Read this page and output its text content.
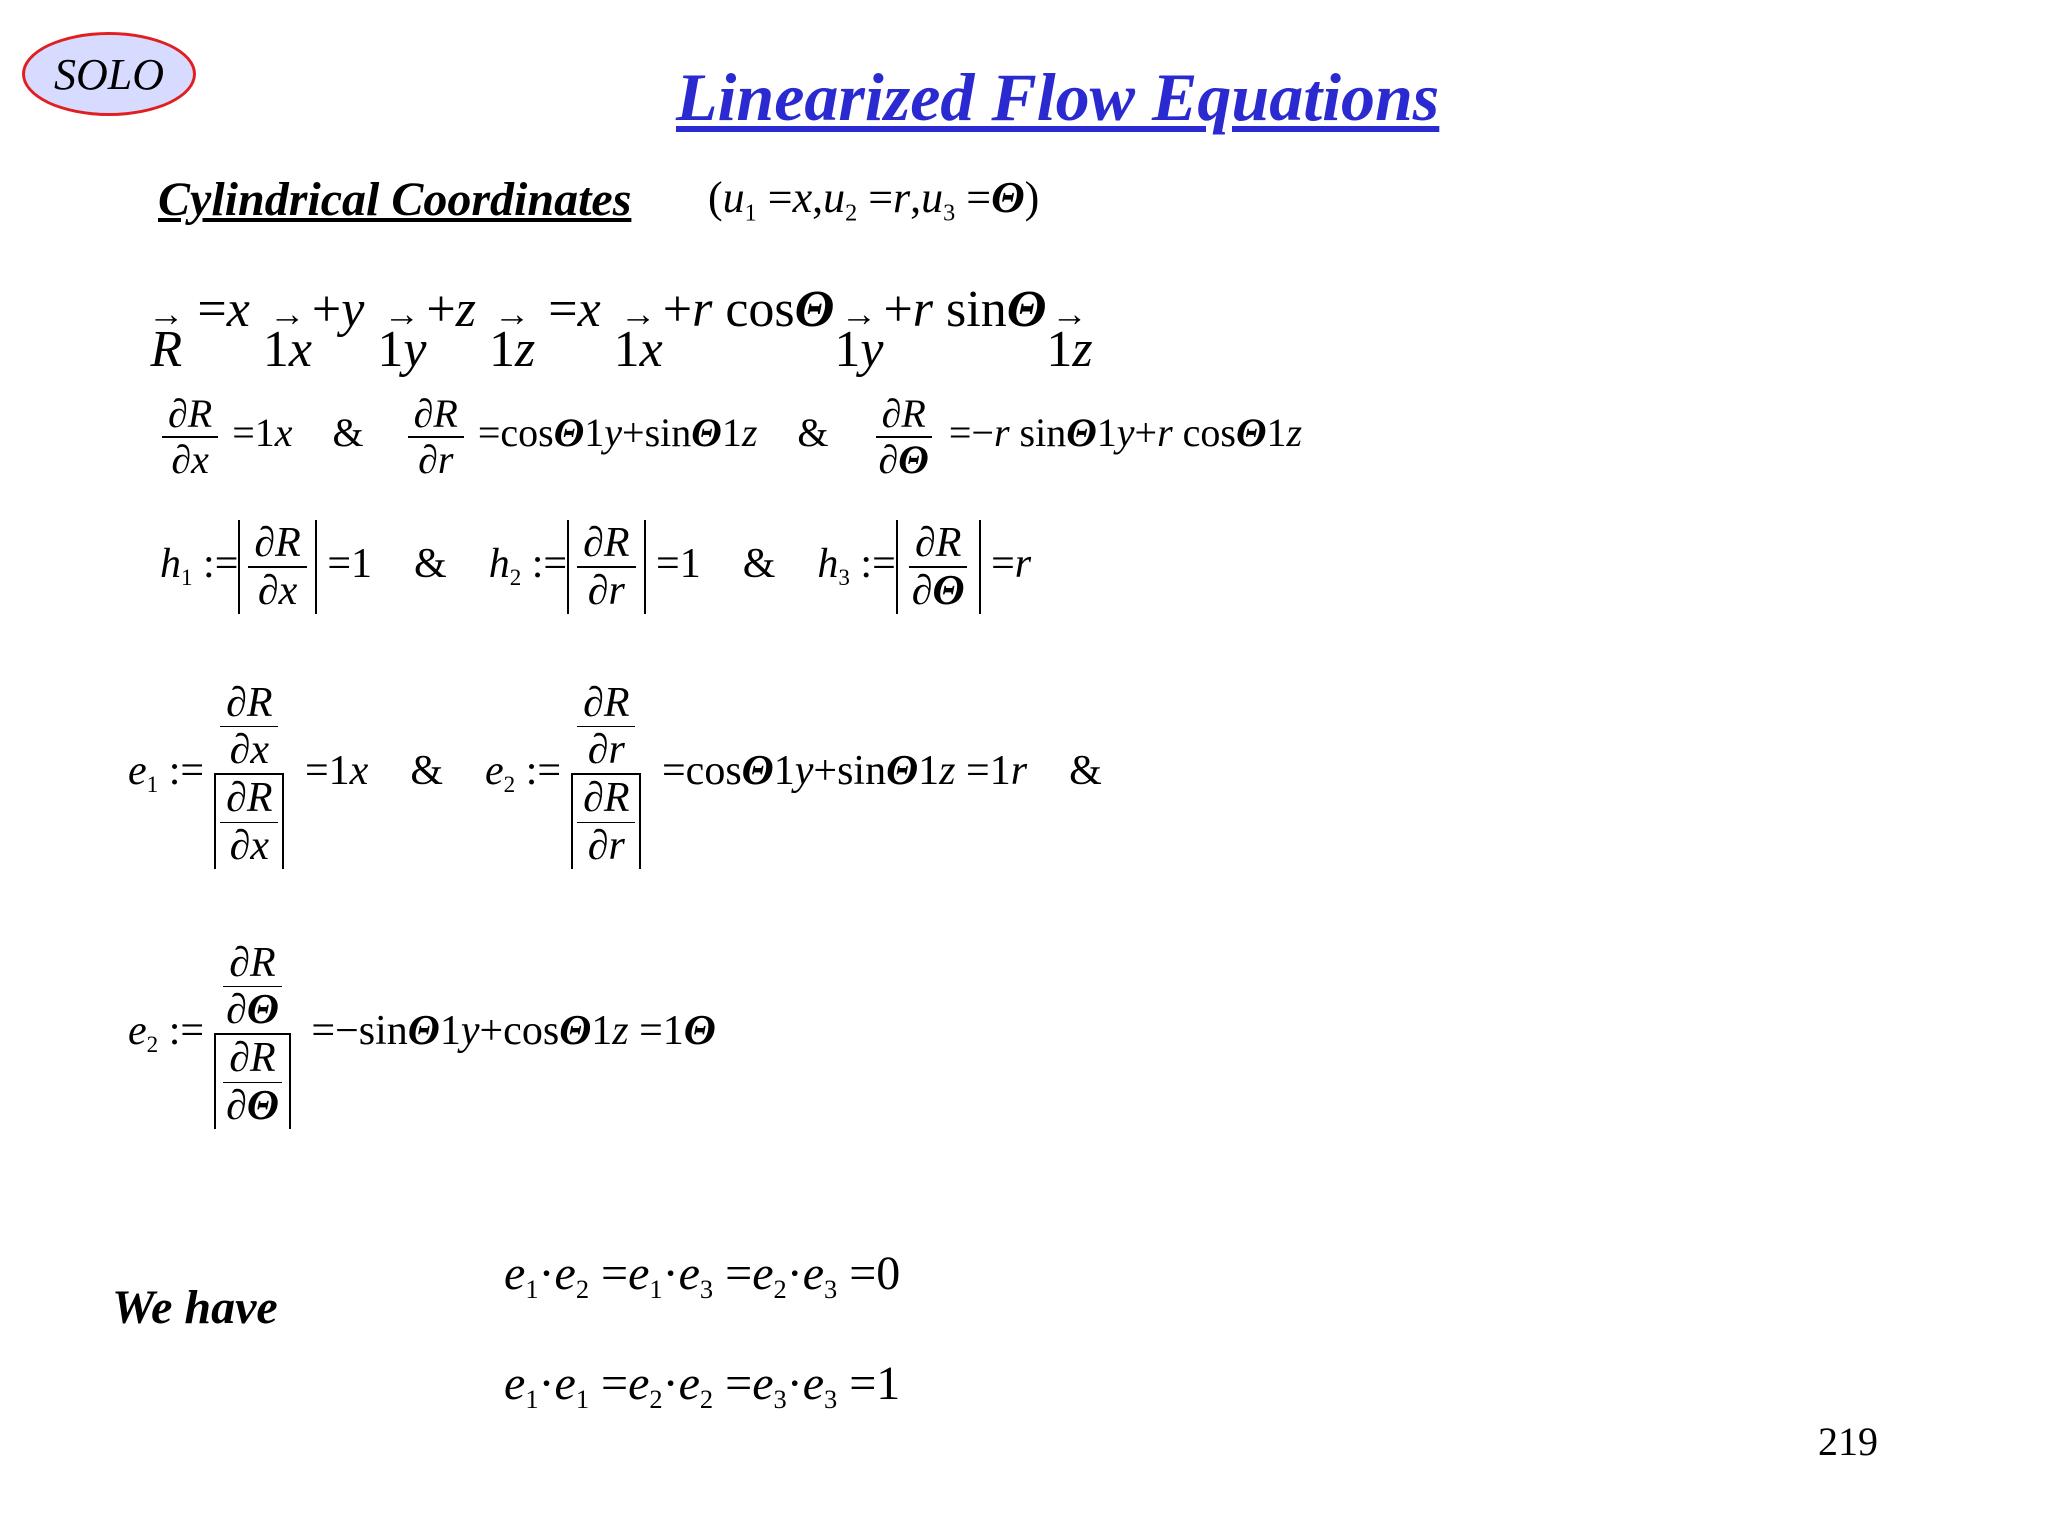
SOLO	Linearized Flow Equations
Cylindrical Coordinates $(u_1 =x,u_2 =r,u_3 =\Theta)$
→
R =x →
1x
+y →
1y
+z →
1z
=x →
1x
+r cosΘ →
1y
+r sinΘ →
1z
$\frac{\partial R}{\partial x} =1x$    & $\frac{\partial R}{\partial r} =\cos\Theta 1y+\sin\Theta 1z$    & $\frac{\partial R}{\partial\Theta} =-r$ sinΘ1y+r cosΘ1z
$h_1$ := $\frac{\partial R}{\partial x} =1$    &    $h_2$ := $\frac{\partial R}{\partial r} =1$    &    $h_3$ := $\frac{\partial R}{\partial\Theta} =r$
$e_1$ := $\frac{\frac{\partial R}{\partial x}}{\frac{\partial R}{\partial x}} =1x$    &    $e_2$ := $\frac{\frac{\partial R}{\partial r}}{\frac{\partial R}{\partial r}} =\cos\Theta 1y+\sin\Theta 1z =1r$    &
$e_2$ := $\frac{\frac{\partial R}{\partial\Theta}}{\frac{\partial R}{\partial\Theta}} =-\sin\Theta 1y+\cos\Theta 1z =1\Theta$
We have
$e_1\cdot e_2 =e_1\cdot e_3 =e_2\cdot e_3 =0$
$e_1\cdot e_1 =e_2\cdot e_2 =e_3\cdot e_3 =1$
219
